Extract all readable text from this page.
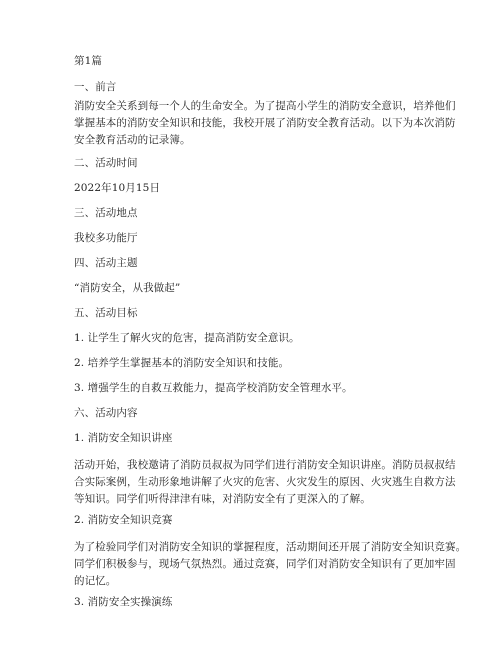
第1篇
一、前言
消防安全关系到每一个人的生命安全。为了提高小学生的消防安全意识，培养他们
掌握基本的消防安全知识和技能，我校开展了消防安全教育活动。以下为本次消防
安全教育活动的记录簿。
二、活动时间
2022年10月15日
三、活动地点
我校多功能厅
四、活动主题
“消防安全，从我做起”
五、活动目标
1. 让学生了解火灾的危害，提高消防安全意识。
2. 培养学生掌握基本的消防安全知识和技能。
3. 增强学生的自救互救能力，提高学校消防安全管理水平。
六、活动内容
1. 消防安全知识讲座
活动开始，我校邀请了消防员叔叔为同学们进行消防安全知识讲座。消防员叔叔结
合实际案例，生动形象地讲解了火灾的危害、火灾发生的原因、火灾逃生自救方法
等知识。同学们听得津津有味，对消防安全有了更深入的了解。
2. 消防安全知识竞赛
为了检验同学们对消防安全知识的掌握程度，活动期间还开展了消防安全知识竞赛。
同学们积极参与，现场气氛热烈。通过竞赛，同学们对消防安全知识有了更加牢固
的记忆。
3. 消防安全实操演练
